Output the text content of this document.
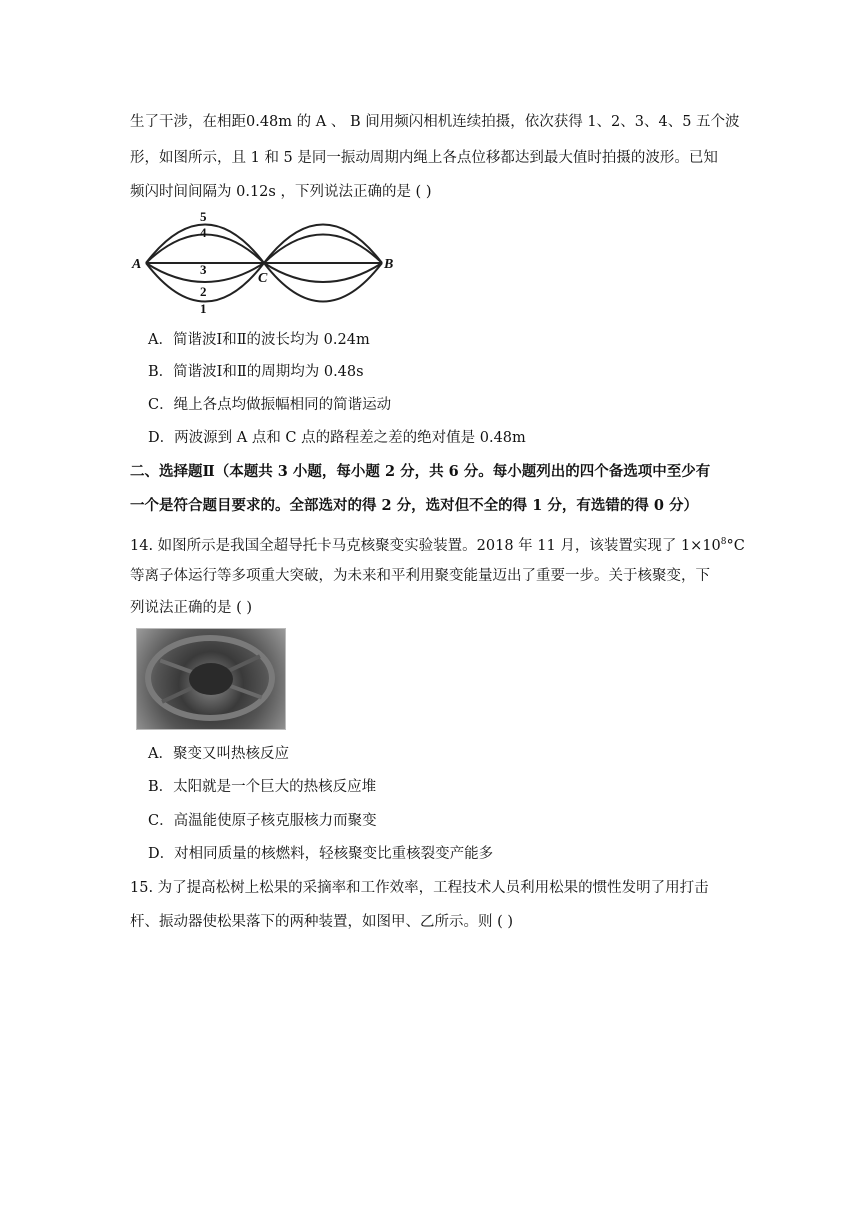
生了干涉，在相距0.48m 的 A 、 B 间用频闪相机连续拍摄，依次获得 1、2、3、4、5 五个波
形，如图所示，且 1 和 5 是同一振动周期内绳上各点位移都达到最大值时拍摄的波形。已知
频闪时间间隔为 0.12s ，下列说法正确的是 ( )
A	B
C
5
4
3
2
1
A．简谐波Ⅰ和Ⅱ的波长均为 0.24m
B．简谐波Ⅰ和Ⅱ的周期均为 0.48s
C．绳上各点均做振幅相同的简谐运动
D．两波源到 A 点和 C 点的路程差之差的绝对值是 0.48m
二、选择题Ⅱ（本题共 3 小题，每小题 2 分，共 6 分。每小题列出的四个备选项中至少有
一个是符合题目要求的。全部选对的得 2 分，选对但不全的得 1 分，有选错的得 0 分）
14. 如图所示是我国全超导托卡马克核聚变实验装置。2018 年 11 月，该装置实现了 $1\times 10^8^\circ C$
等离子体运行等多项重大突破，为未来和平利用聚变能量迈出了重要一步。关于核聚变，下
列说法正确的是 ( )
A．聚变又叫热核反应
B．太阳就是一个巨大的热核反应堆
C．高温能使原子核克服核力而聚变
D．对相同质量的核燃料，轻核聚变比重核裂变产能多
15. 为了提高松树上松果的采摘率和工作效率，工程技术人员利用松果的惯性发明了用打击
杆、振动器使松果落下的两种装置，如图甲、乙所示。则 ( )
